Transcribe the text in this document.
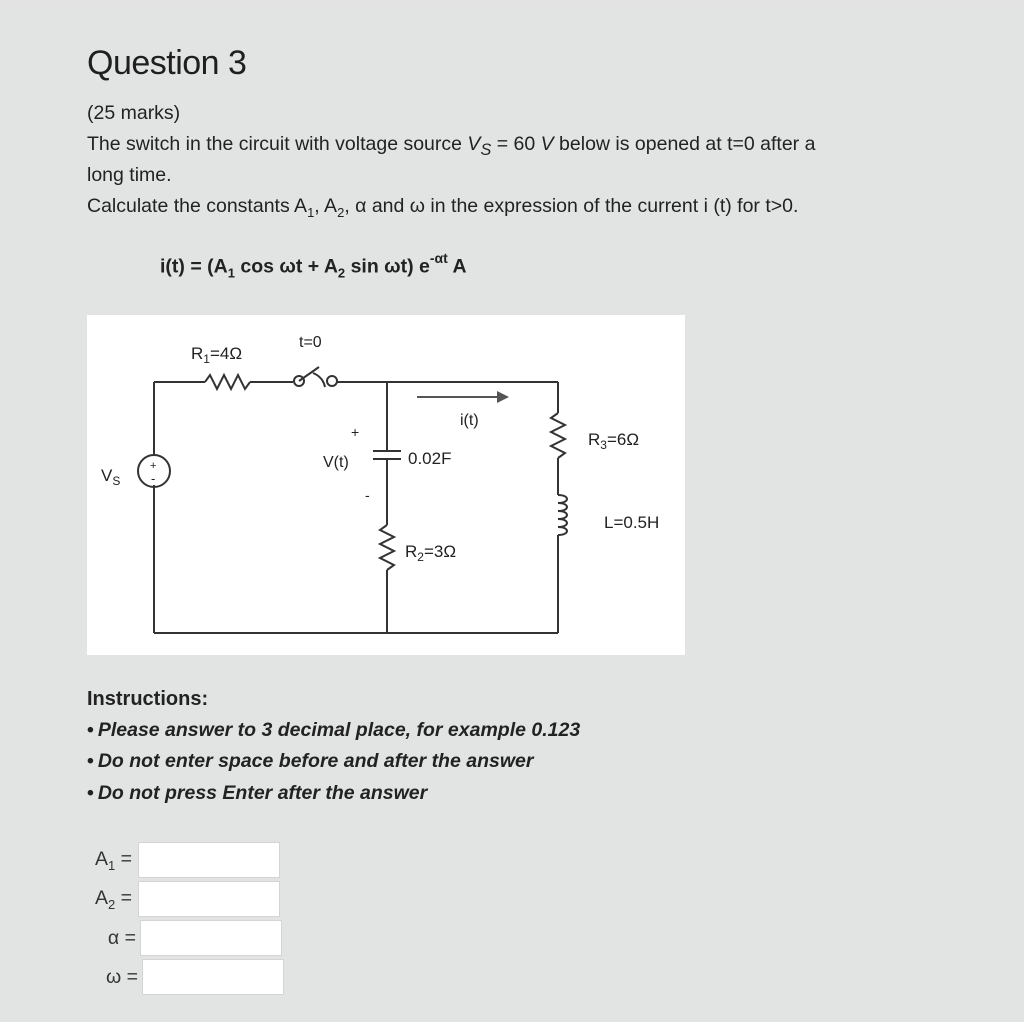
Question 3

(25 marks)

The switch in the circuit with voltage source $V_S = 60$ V below is opened at t=0 after a

long time.

Calculate the constants $A_1$, $A_2$, α and ω in the expression of the current i (t) for t>0.

$i(t) = (A_1$ $\cos \omega t + A_2$ sin ωt) $e^{-\alpha t}$ A

$R_1=4\Omega$
t=0
i(t)
+
-
V(t)	0.02F
$R_2=3\Omega$
$R_3=6\Omega$
L=0.5H
$V_S$
+
-

Instructions:

• Please answer to 3 decimal place, for example 0.123

• Do not enter space before and after the answer

• Do not press Enter after the answer

$A_1$ =
$A_2$ =
α =
ω =
